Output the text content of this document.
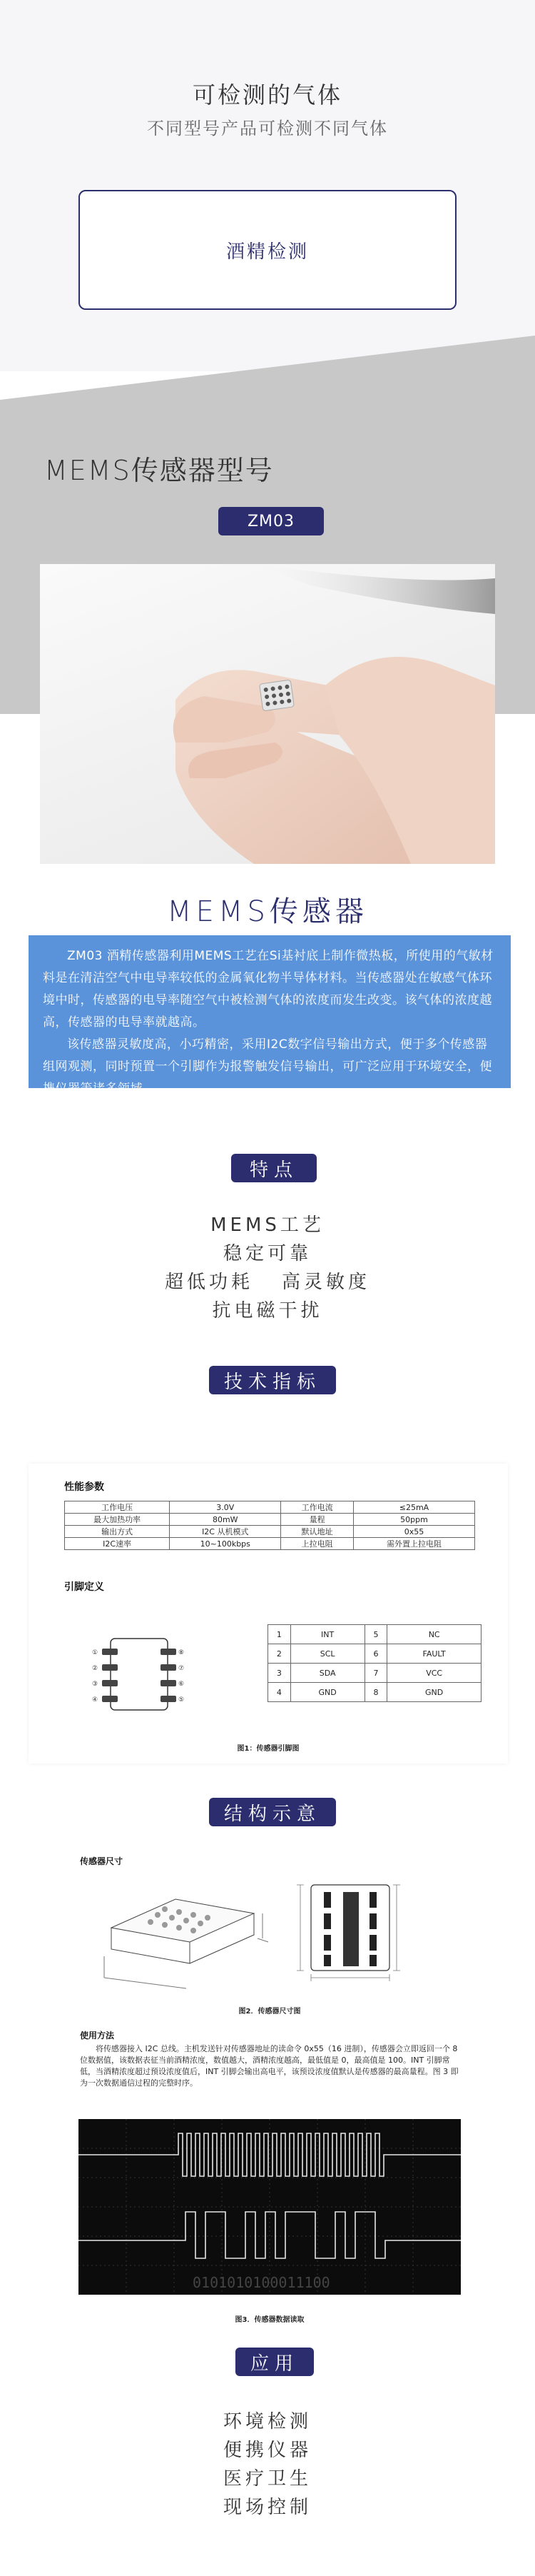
可检测的气体
不同型号产品可检测不同气体
酒精检测
MEMS传感器型号
ZM03
MEMS传感器

ZM03 酒精传感器利用MEMS工艺在Si基衬底上制作微热板，所使用的气敏材料是在清洁空气中电导率较低的金属氧化物半导体材料。当传感器处在敏感气体环境中时，传感器的电导率随空气中被检测气体的浓度而发生改变。该气体的浓度越高，传感器的电导率就越高。

该传感器灵敏度高，小巧精密，采用I2C数字信号输出方式，便于多个传感器组网观测，同时预置一个引脚作为报警触发信号输出，可广泛应用于环境安全，便携仪器等诸多领域。

特点
MEMS工艺
稳定可靠
超低功耗 高灵敏度
抗电磁干扰
技术指标
性能参数
工作电压	3.0V	工作电流	≤25mA
最大加热功率	80mW	量程	50ppm
输出方式	I2C 从机模式	默认地址	0x55
I2C速率	10~100kbps	上拉电阻	需外置上拉电阻
引脚定义
①
②
③
④	⑤
⑥
⑦
⑧
1	INT	5	NC
2	SCL	6	FAULT
3	SDA	7	VCC
4	GND	8	GND
图1：传感器引脚图
结构示意
传感器尺寸
图2．传感器尺寸图
使用方法
将传感器接入 I2C 总线。主机发送针对传感器地址的读命令 0x55（16 进制），传感器会立即返回一个 8 位数据值，该数据表征当前酒精浓度，数值越大，酒精浓度越高，最低值是 0，最高值是 100。INT 引脚常低，当酒精浓度超过预设浓度值后，INT 引脚会输出高电平，该预设浓度值默认是传感器的最高量程。图 3 即为一次数据通信过程的完整时序。
0101010100011100
图3．传感器数据读取
应用
环境检测
便携仪器
医疗卫生
现场控制
